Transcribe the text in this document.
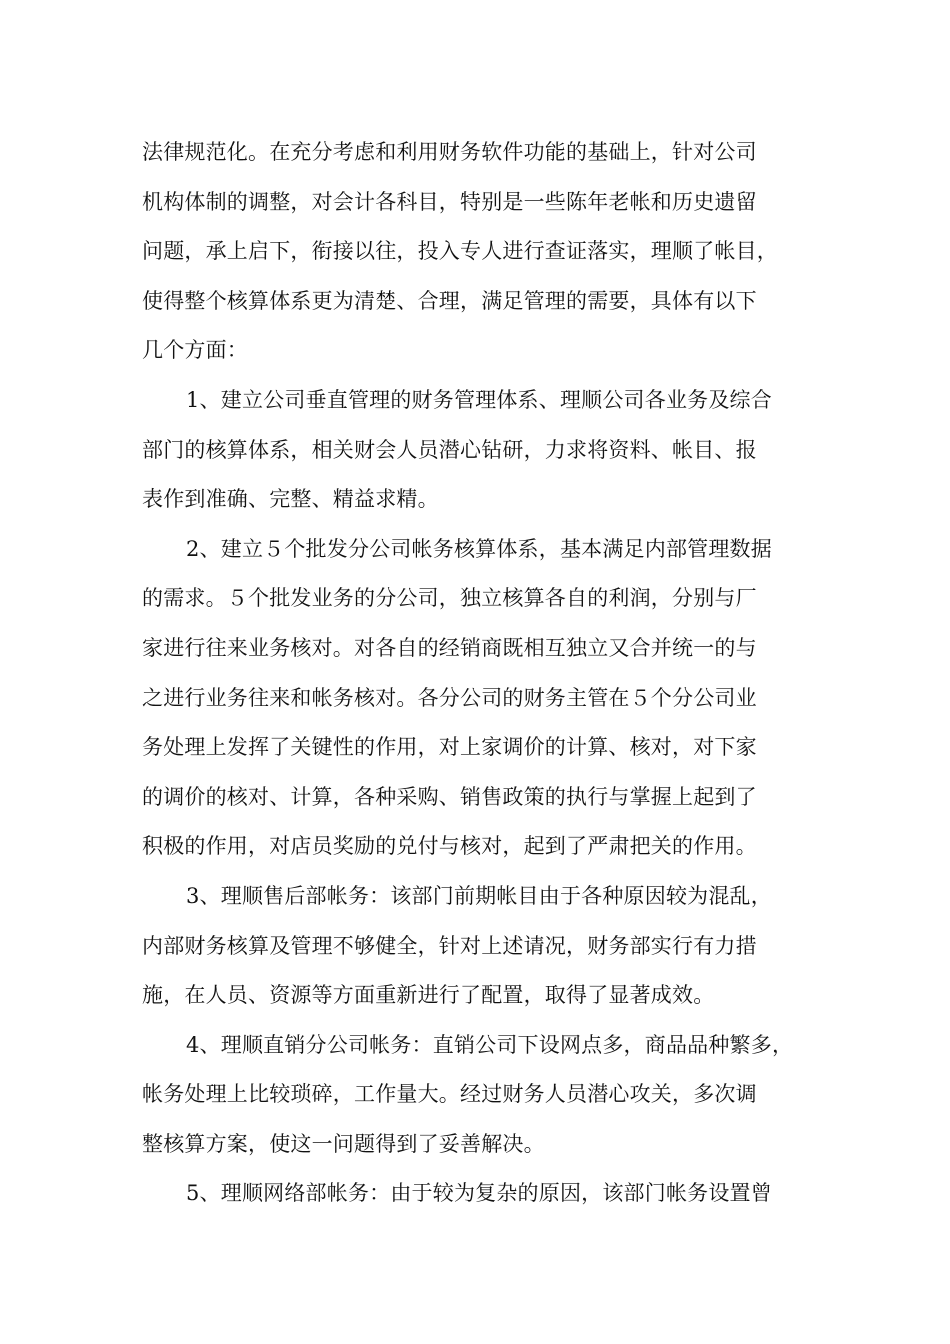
法律规范化。在充分考虑和利用财务软件功能的基础上，针对公司
机构体制的调整，对会计各科目，特别是一些陈年老帐和历史遗留
问题，承上启下，衔接以往，投入专人进行查证落实，理顺了帐目，
使得整个核算体系更为清楚、合理，满足管理的需要，具体有以下
几个方面：
1、建立公司垂直管理的财务管理体系、理顺公司各业务及综合
部门的核算体系，相关财会人员潜心钻研，力求将资料、帐目、报
表作到准确、完整、精益求精。
2、建立５个批发分公司帐务核算体系，基本满足内部管理数据
的需求。５个批发业务的分公司，独立核算各自的利润，分别与厂
家进行往来业务核对。对各自的经销商既相互独立又合并统一的与
之进行业务往来和帐务核对。各分公司的财务主管在５个分公司业
务处理上发挥了关键性的作用，对上家调价的计算、核对，对下家
的调价的核对、计算，各种采购、销售政策的执行与掌握上起到了
积极的作用，对店员奖励的兑付与核对，起到了严肃把关的作用。
3、理顺售后部帐务：该部门前期帐目由于各种原因较为混乱，
内部财务核算及管理不够健全，针对上述请况，财务部实行有力措
施，在人员、资源等方面重新进行了配置，取得了显著成效。
4、理顺直销分公司帐务：直销公司下设网点多，商品品种繁多，
帐务处理上比较琐碎，工作量大。经过财务人员潜心攻关，多次调
整核算方案，使这一问题得到了妥善解决。
5、理顺网络部帐务：由于较为复杂的原因，该部门帐务设置曾
